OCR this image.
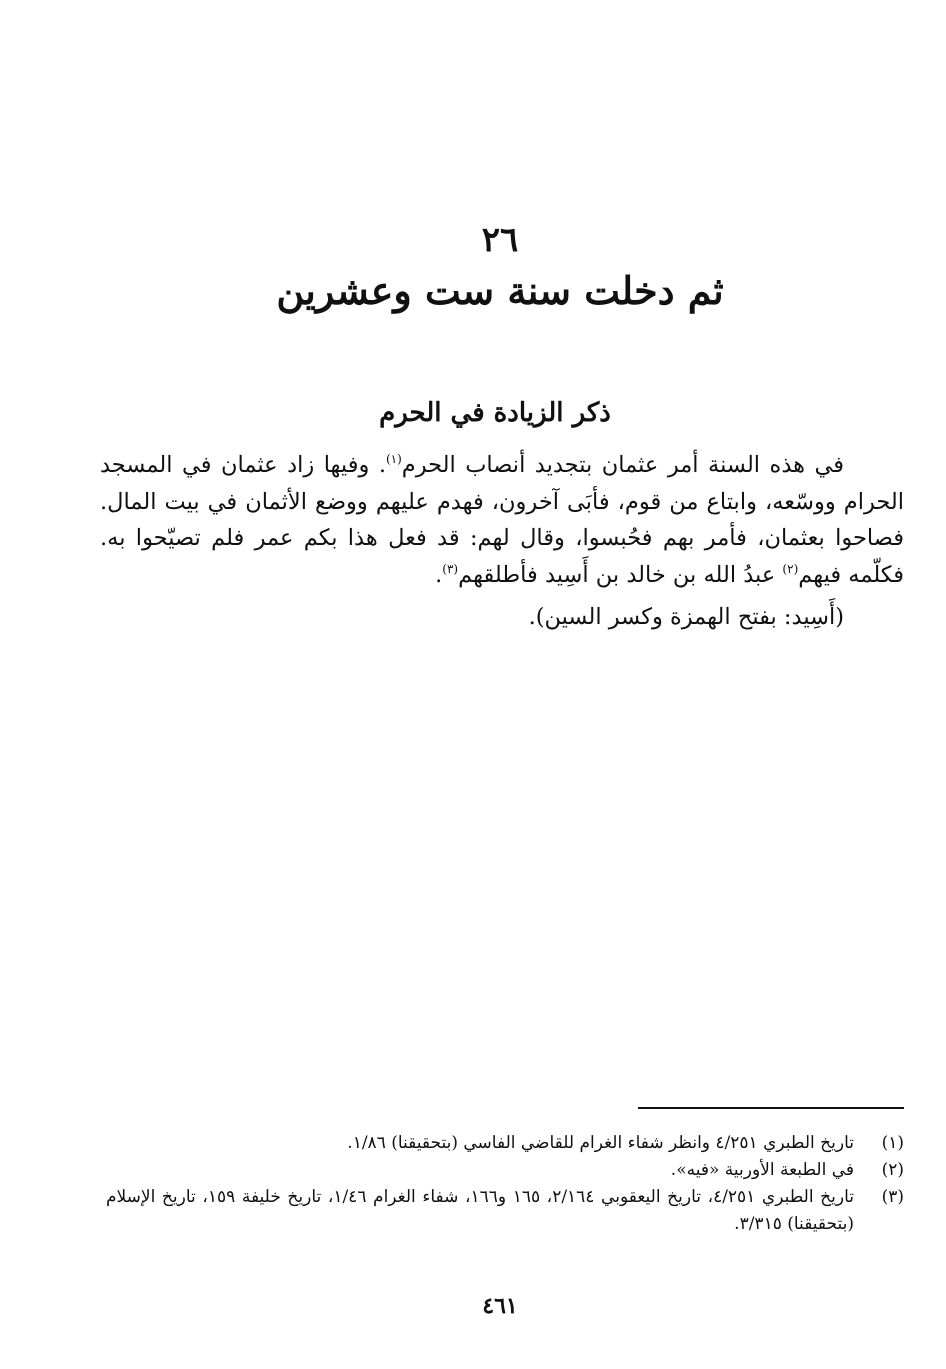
٢٦
ثم دخلت سنة ست وعشرين
ذكر الزيادة في الحرم

في هذه السنة أمر عثمان بتجديد أنصاب الحرم$^{(١)}$. وفيها زاد عثمان في المسجد الحرام ووسّعه، وابتاع من قوم، فأبَى آخرون، فهدم عليهم ووضع الأثمان في بيت المال. فصاحوا بعثمان، فأمر بهم فحُبسوا، وقال لهم: قد فعل هذا بكم عمر فلم تصيّحوا به. فكلّمه فيهم$^{(٢)}$ عبدُ الله بن خالد بن أَسِيد فأطلقهم$^{(٣)}$.

(أَسِيد: بفتح الهمزة وكسر السين).

(١)
تاريخ الطبري ٤/٢٥١ وانظر شفاء الغرام للقاضي الفاسي (بتحقيقنا) ١/٨٦.
(٢)
في الطبعة الأوربية «فيه».
(٣)
تاريخ الطبري ٤/٢٥١، تاريخ اليعقوبي ٢/١٦٤، ١٦٥ و١٦٦، شفاء الغرام ١/٤٦، تاريخ خليفة ١٥٩، تاريخ الإسلام (بتحقيقنا) ٣/٣١٥.
٤٦١
